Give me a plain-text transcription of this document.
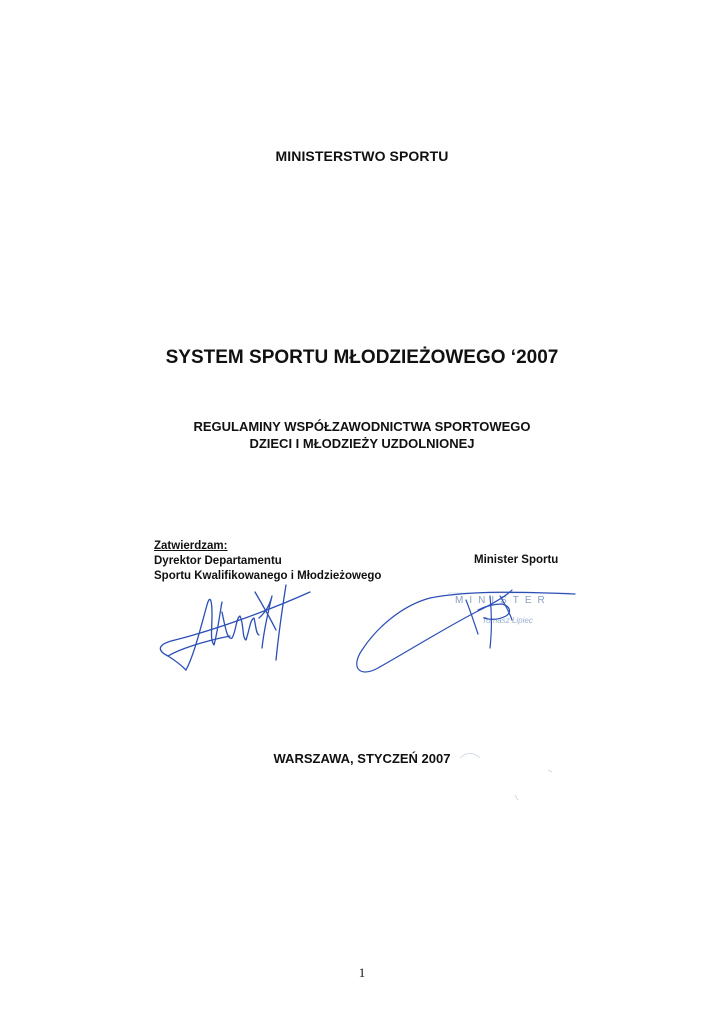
MINISTERSTWO SPORTU
SYSTEM SPORTU MŁODZIEŻOWEGO ‘2007
REGULAMINY WSPÓŁZAWODNICTWA SPORTOWEGO
DZIECI I MŁODZIEŻY UZDOLNIONEJ
Zatwierdzam:
Dyrektor Departamentu
Sportu Kwalifikowanego i Młodzieżowego
Minister Sportu
MINISTER
Tomasz Lipiec
WARSZAWA, STYCZEŃ 2007
1
